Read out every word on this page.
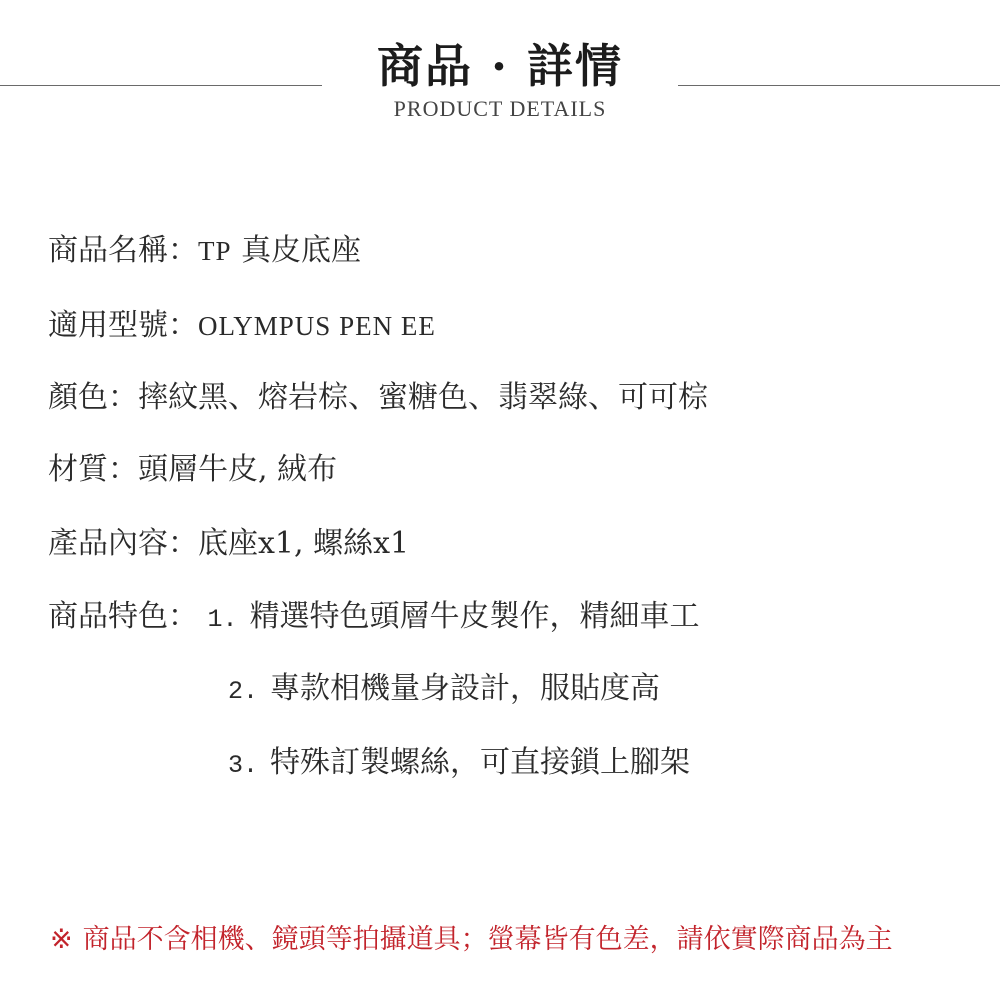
商品 · 詳情
PRODUCT DETAILS
商品名稱：TP 真皮底座
適用型號：OLYMPUS PEN EE
顏色：摔紋黑、熔岩棕、蜜糖色、翡翠綠、可可棕
材質：頭層牛皮, 絨布
產品內容：底座x1, 螺絲x1
商品特色： 1. 精選特色頭層牛皮製作，精細車工
2. 專款相機量身設計，服貼度高
3. 特殊訂製螺絲，可直接鎖上腳架
※ 商品不含相機、鏡頭等拍攝道具；螢幕皆有色差，請依實際商品為主
